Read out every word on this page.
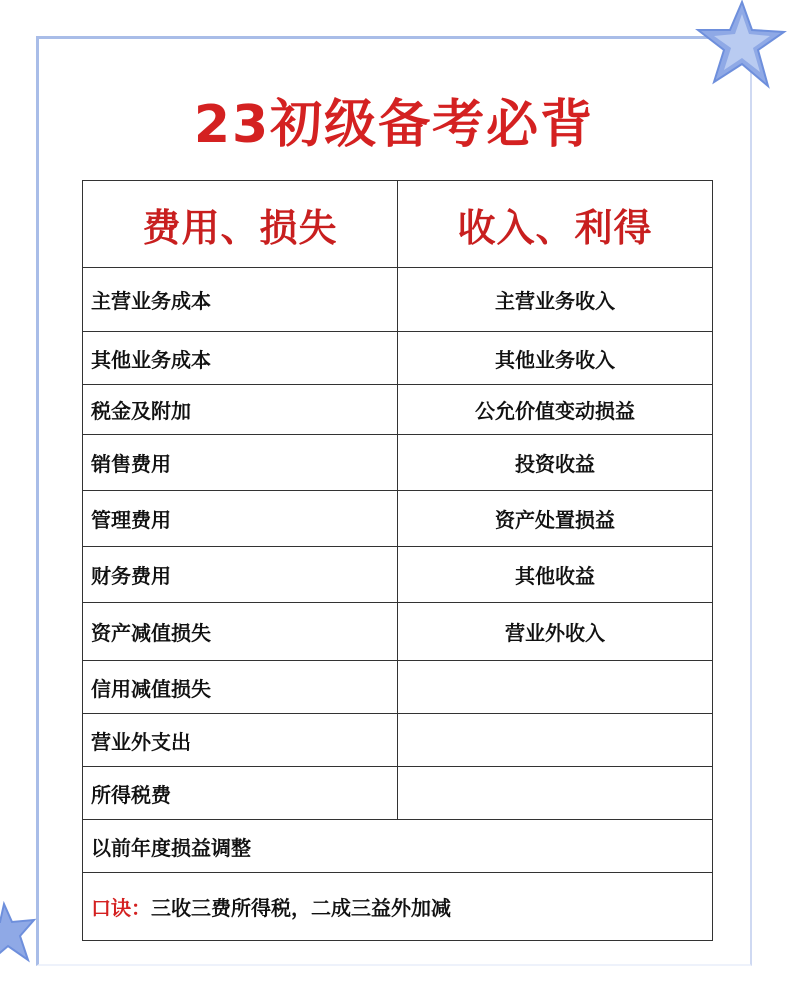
23初级备考必背
费用、损失	收入、利得
主营业务成本	主营业务收入
其他业务成本	其他业务收入
税金及附加	公允价值变动损益
销售费用	投资收益
管理费用	资产处置损益
财务费用	其他收益
资产减值损失	营业外收入
信用减值损失	
营业外支出	
所得税费	
以前年度损益调整	
口诀：三收三费所得税，二成三益外加减	
